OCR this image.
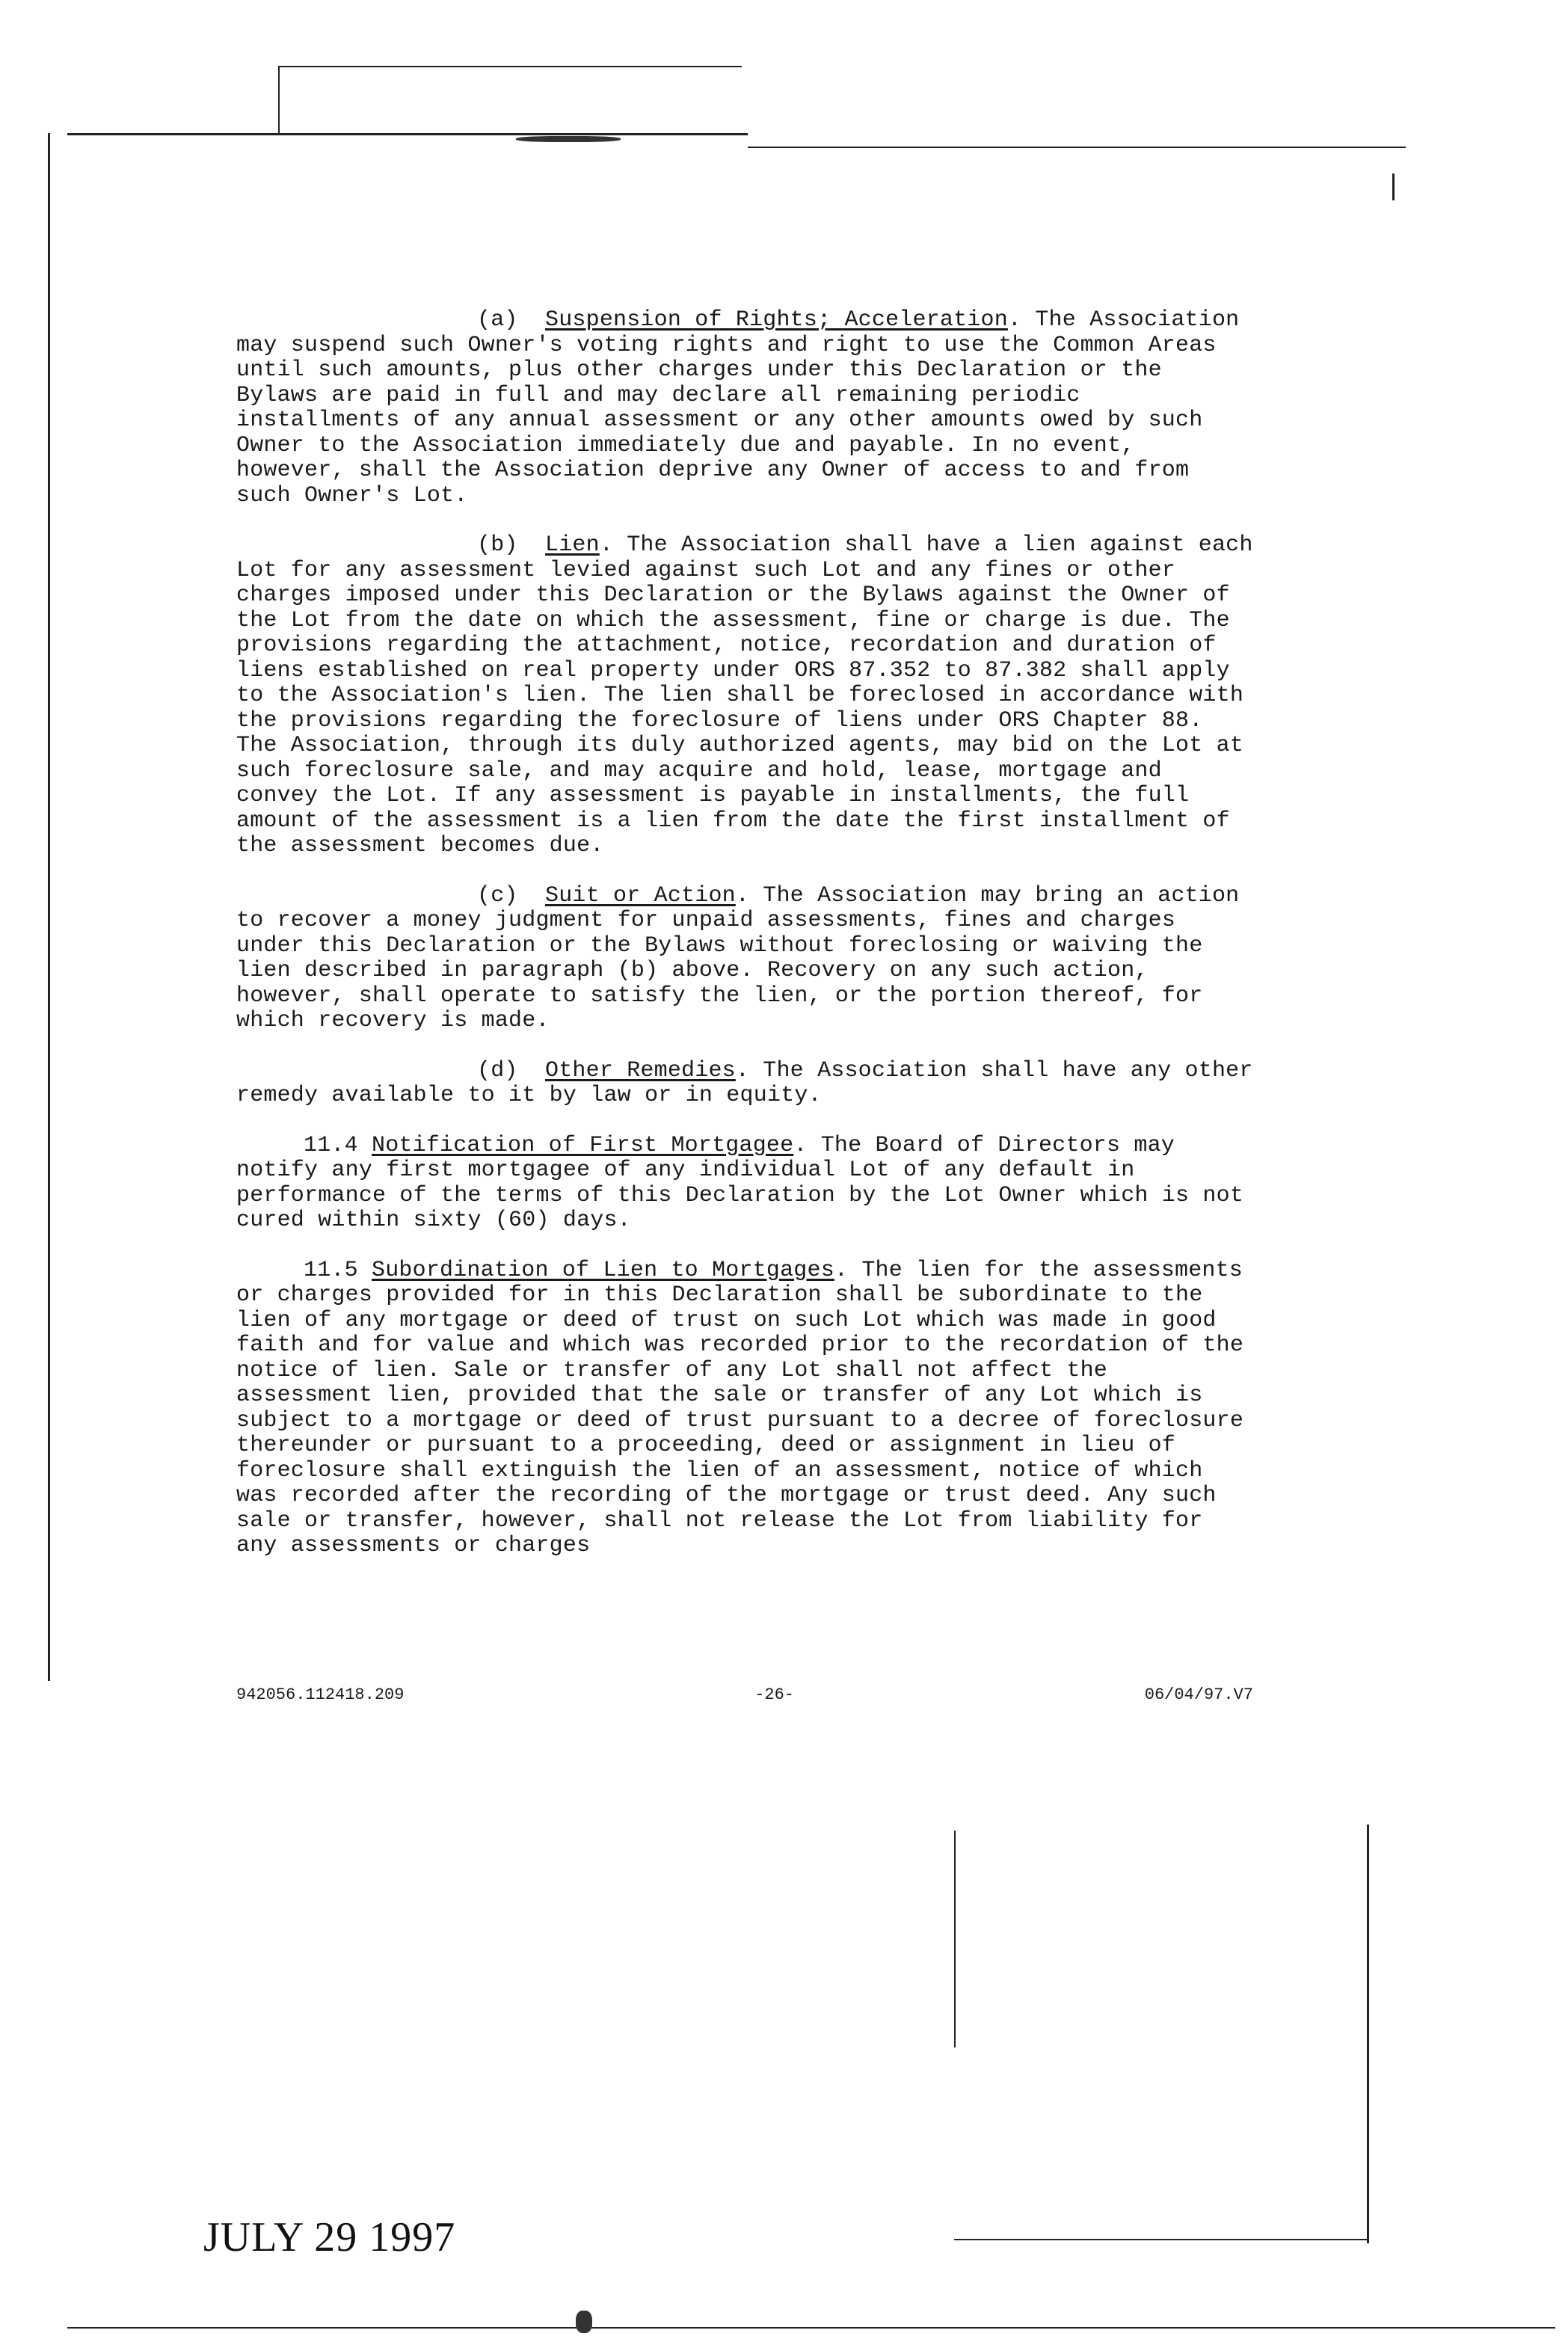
(a) Suspension of Rights; Acceleration. The Association may suspend such Owner's voting rights and right to use the Common Areas until such amounts, plus other charges under this Declaration or the Bylaws are paid in full and may declare all remaining periodic installments of any annual assessment or any other amounts owed by such Owner to the Association immediately due and payable. In no event, however, shall the Association deprive any Owner of access to and from such Owner's Lot.

(b) Lien. The Association shall have a lien against each Lot for any assessment levied against such Lot and any fines or other charges imposed under this Declaration or the Bylaws against the Owner of the Lot from the date on which the assessment, fine or charge is due. The provisions regarding the attachment, notice, recordation and duration of liens established on real property under ORS 87.352 to 87.382 shall apply to the Association's lien. The lien shall be foreclosed in accordance with the provisions regarding the foreclosure of liens under ORS Chapter 88. The Association, through its duly authorized agents, may bid on the Lot at such foreclosure sale, and may acquire and hold, lease, mortgage and convey the Lot. If any assessment is payable in installments, the full amount of the assessment is a lien from the date the first installment of the assessment becomes due.

(c) Suit or Action. The Association may bring an action to recover a money judgment for unpaid assessments, fines and charges under this Declaration or the Bylaws without foreclosing or waiving the lien described in paragraph (b) above. Recovery on any such action, however, shall operate to satisfy the lien, or the portion thereof, for which recovery is made.

(d) Other Remedies. The Association shall have any other remedy available to it by law or in equity.

11.4 Notification of First Mortgagee. The Board of Directors may notify any first mortgagee of any individual Lot of any default in performance of the terms of this Declaration by the Lot Owner which is not cured within sixty (60) days.

11.5 Subordination of Lien to Mortgages. The lien for the assessments or charges provided for in this Declaration shall be subordinate to the lien of any mortgage or deed of trust on such Lot which was made in good faith and for value and which was recorded prior to the recordation of the notice of lien. Sale or transfer of any Lot shall not affect the assessment lien, provided that the sale or transfer of any Lot which is subject to a mortgage or deed of trust pursuant to a decree of foreclosure thereunder or pursuant to a proceeding, deed or assignment in lieu of foreclosure shall extinguish the lien of an assessment, notice of which was recorded after the recording of the mortgage or trust deed. Any such sale or transfer, however, shall not release the Lot from liability for any assessments or charges

942056.112418.209	-26-	06/04/97.V7
JULY 29 1997
